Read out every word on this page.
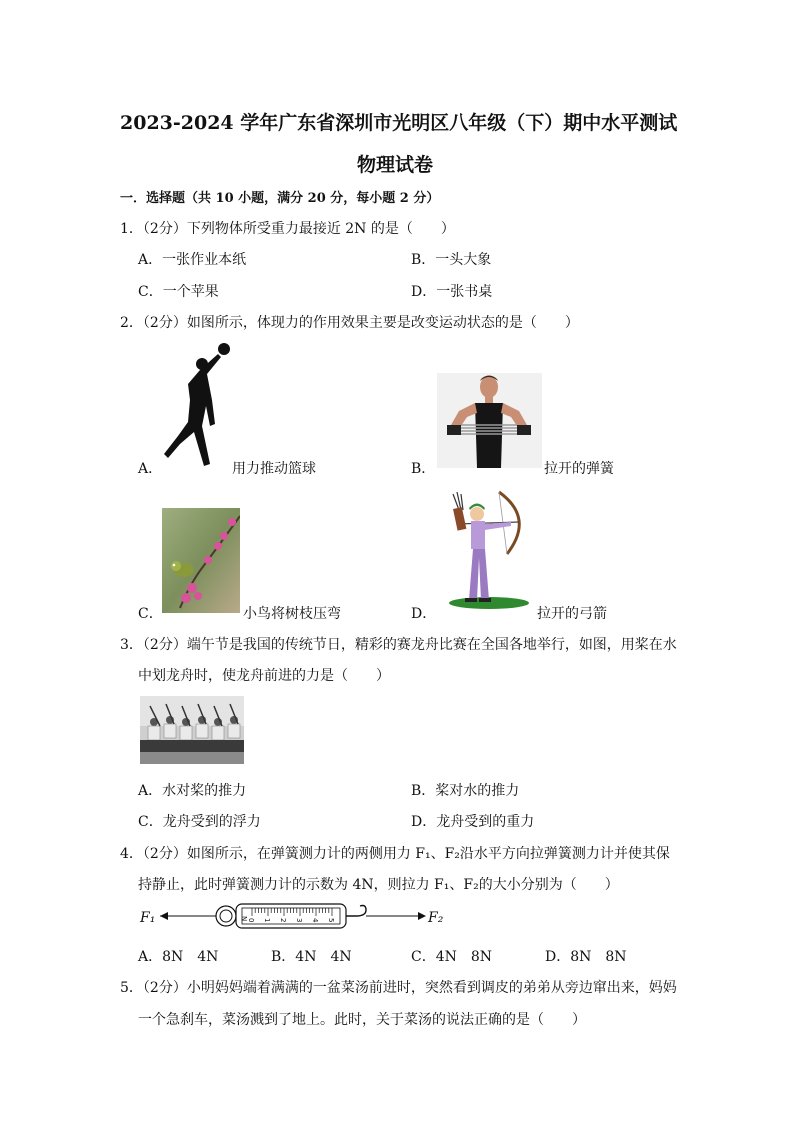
2023-2024 学年广东省深圳市光明区八年级（下）期中水平测试
物理试卷
一．选择题（共 10 小题，满分 20 分，每小题 2 分）
1．（2分）下列物体所受重力最接近 2N 的是（　　）
A．一张作业本纸	B．一头大象
C．一个苹果	D．一张书桌
2．（2分）如图所示，体现力的作用效果主要是改变运动状态的是（　　）
A．	用力推动篮球	B．	拉开的弹簧
C．	小鸟将树枝压弯	D．	拉开的弓箭
3．（2分）端午节是我国的传统节日，精彩的赛龙舟比赛在全国各地举行，如图，用桨在水
中划龙舟时，使龙舟前进的力是（　　）
A．水对桨的推力	B．桨对水的推力
C．龙舟受到的浮力	D．龙舟受到的重力
4．（2分）如图所示，在弹簧测力计的两侧用力 F₁、F₂沿水平方向拉弹簧测力计并使其保
持静止，此时弹簧测力计的示数为 4N，则拉力 F₁、F₂的大小分别为（　　）
F₁	N 0 1 2 3 4 5	F₂
A．8N　4N	B．4N　4N	C．4N　8N	D．8N　8N
5．（2分）小明妈妈端着满满的一盆菜汤前进时，突然看到调皮的弟弟从旁边窜出来，妈妈
一个急刹车，菜汤溅到了地上。此时，关于菜汤的说法正确的是（　　）
